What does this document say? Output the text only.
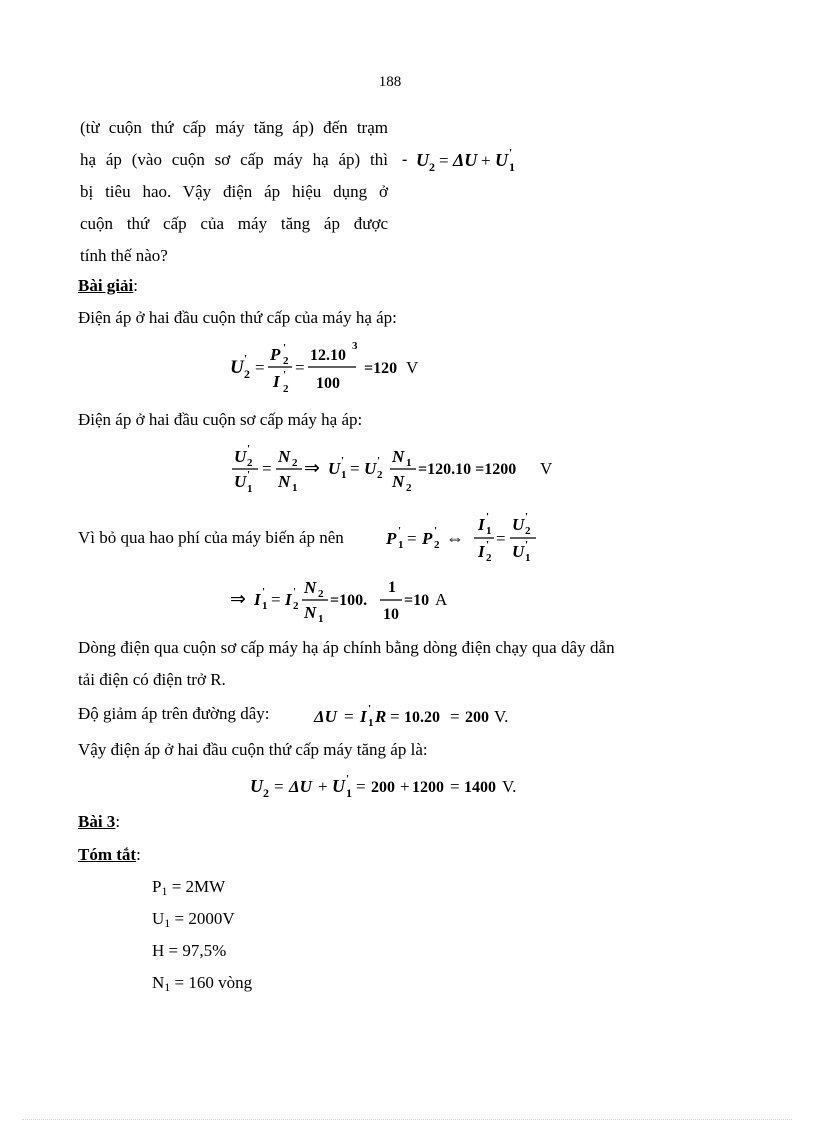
188
(từ cuộn thứ cấp máy tăng áp) đến trạm
hạ áp (vào cuộn sơ cấp máy hạ áp) thì
bị tiêu hao. Vậy điện áp hiệu dụng ở
cuộn thứ cấp của máy tăng áp được
tính thế nào?
- U 2 = ΔU + U '
1
Bài giải:
Điện áp ở hai đầu cuộn thứ cấp của máy hạ áp:
U '
2 =
P '
2
I '
2
=
12.10
3
100
=120 V
Điện áp ở hai đầu cuộn sơ cấp máy hạ áp:
U '
2
U '
1
=
N 2
N 1
⇒ U '
1 = U '
2
N 1
N 2
=120.10 =1200 V
Vì bỏ qua hao phí của máy biến áp nên P '
1 = P '
2 ⇔
I '
1
I '
2
=
U '
2
U '
1
⇒ I '
1 = I '
2
N 2
N 1
=100.
1
10
=10 A
Dòng điện qua cuộn sơ cấp máy hạ áp chính bằng dòng điện chạy qua dây dẫn
tải điện có điện trở R.
Độ giảm áp trên đường dây:	ΔU = I '
1 R = 10.20 = 200 V.
Vậy điện áp ở hai đầu cuộn thứ cấp máy tăng áp là:
U 2 = ΔU + U '
1 = 200 + 1200 = 1400 V.
Bài 3:
Tóm tắt:
$P_1 = 2MW$
$U_1 = 2000V$
H = 97,5%
$N_1 = 160$ vòng
